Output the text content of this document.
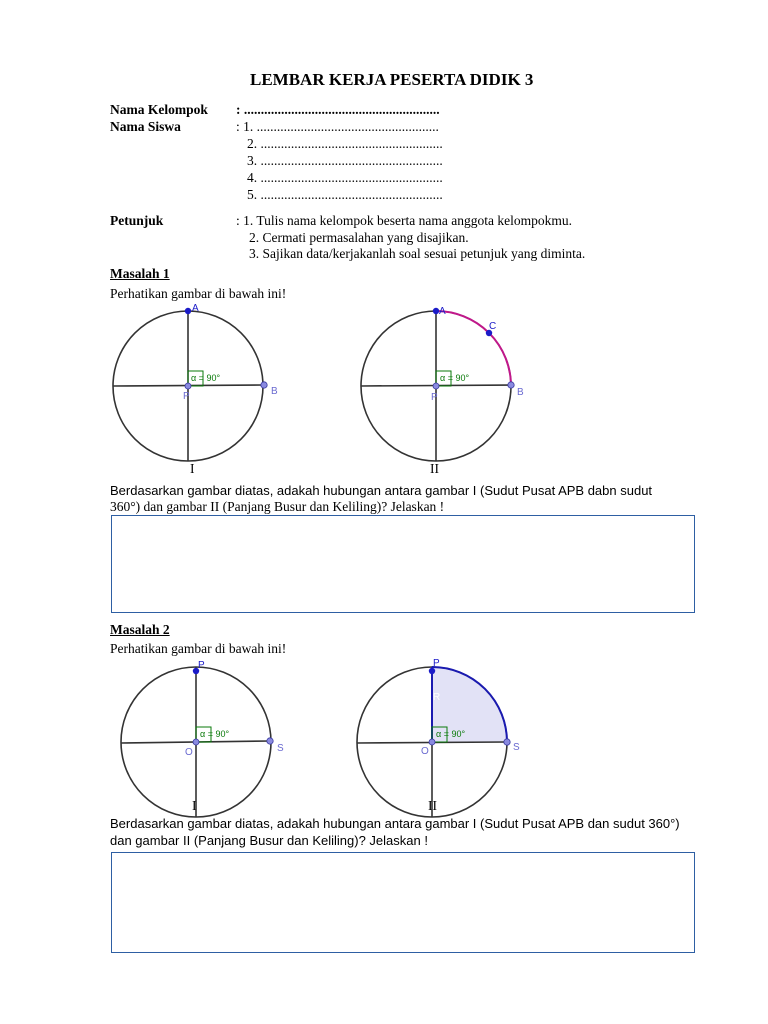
LEMBAR KERJA PESERTA DIDIK 3
Nama Kelompok : ..........................................................
Nama Siswa	: 1. ......................................................
2. ......................................................
3. ......................................................
4. ......................................................
5. ......................................................
Petunjuk	: 1. Tulis nama kelompok beserta nama anggota kelompokmu.
2. Cermati permasalahan yang disajikan.
3. Sajikan data/kerjakanlah soal sesuai petunjuk yang diminta.
Masalah 1
Perhatikan gambar di bawah ini!
α = 90°
A
B
P
α = 90°
A
C
B
P
α = 90°
P
S
O
α = 90°
R
P
S
O
I	II
Berdasarkan gambar diatas, adakah hubungan antara gambar I (Sudut Pusat APB dabn sudut
360°) dan gambar II (Panjang Busur dan Keliling)? Jelaskan !
Masalah 2
Perhatikan gambar di bawah ini!
I	II
Berdasarkan gambar diatas, adakah hubungan antara gambar I (Sudut Pusat APB dan sudut 360°)
dan gambar II (Panjang Busur dan Keliling)? Jelaskan !
